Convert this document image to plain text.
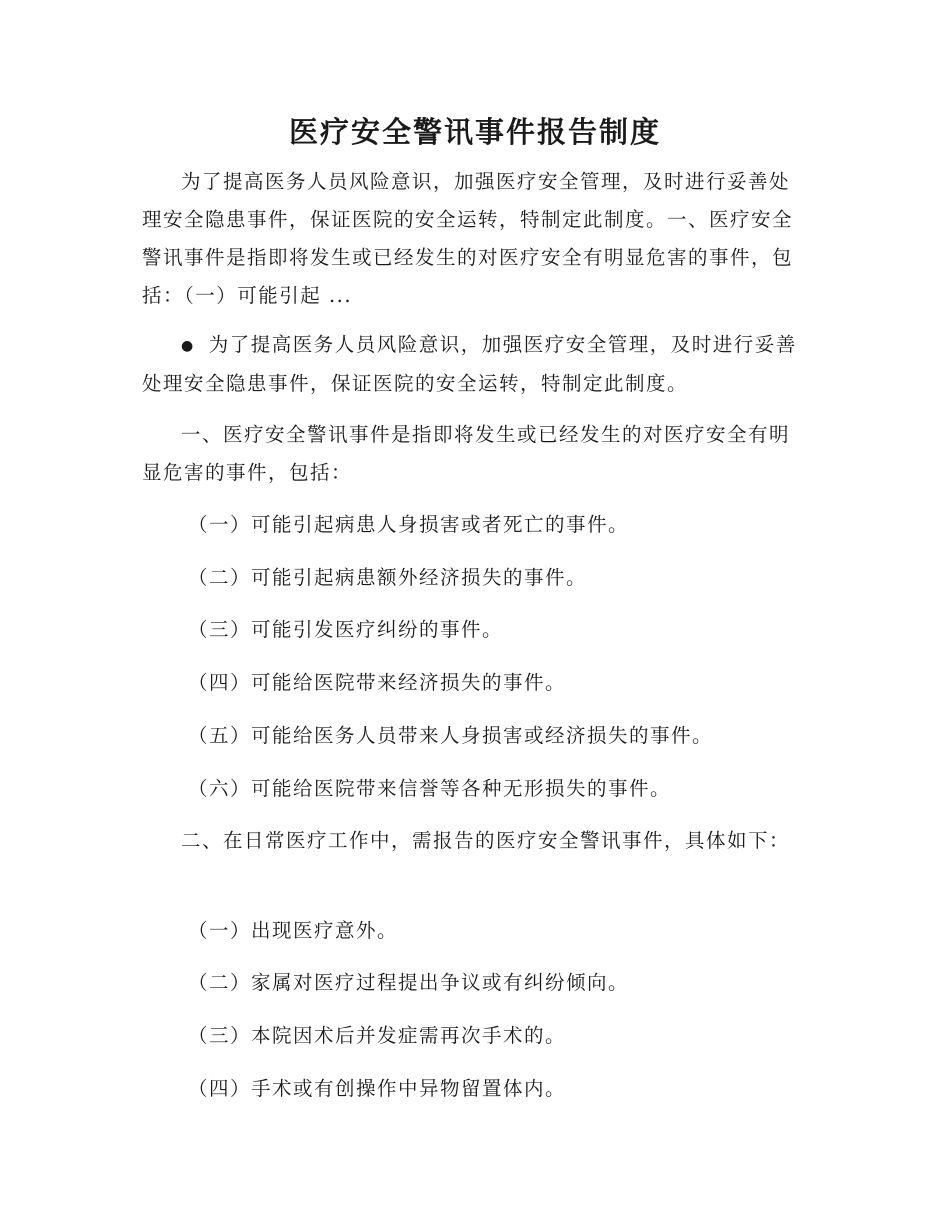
医疗安全警讯事件报告制度

为了提高医务人员风险意识，加强医疗安全管理，及时进行妥善处理安全隐患事件，保证医院的安全运转，特制定此制度。一、医疗安全警讯事件是指即将发生或已经发生的对医疗安全有明显危害的事件，包括：（一）可能引起 ...

● 为了提高医务人员风险意识，加强医疗安全管理，及时进行妥善处理安全隐患事件，保证医院的安全运转，特制定此制度。

一、医疗安全警讯事件是指即将发生或已经发生的对医疗安全有明显危害的事件，包括：

（一）可能引起病患人身损害或者死亡的事件。

（二）可能引起病患额外经济损失的事件。

（三）可能引发医疗纠纷的事件。

（四）可能给医院带来经济损失的事件。

（五）可能给医务人员带来人身损害或经济损失的事件。

（六）可能给医院带来信誉等各种无形损失的事件。

二、在日常医疗工作中，需报告的医疗安全警讯事件，具体如下：

（一）出现医疗意外。

（二）家属对医疗过程提出争议或有纠纷倾向。

（三）本院因术后并发症需再次手术的。

（四）手术或有创操作中异物留置体内。
